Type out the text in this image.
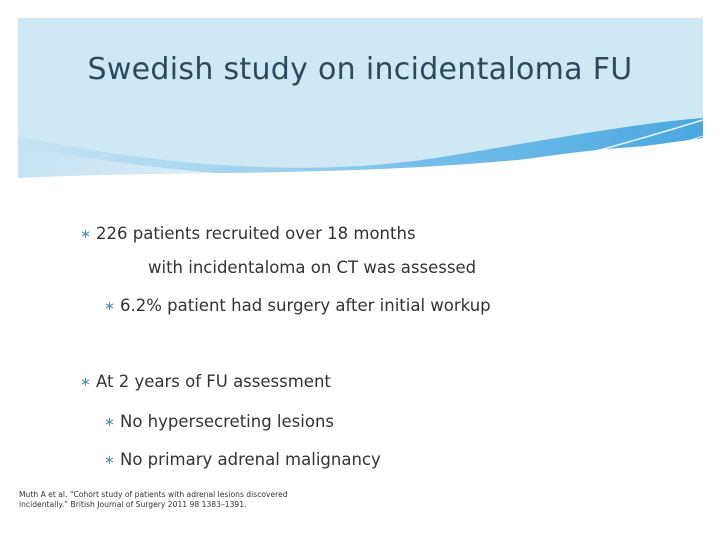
Swedish study on incidentaloma FU
∗ 226 patients recruited over 18 months
with incidentaloma on CT was assessed
∗ 6.2% patient had surgery after initial workup
∗ At 2 years of FU assessment
∗ No hypersecreting lesions
∗ No primary adrenal malignancy
Muth A et al. “Cohort study of patients with adrenal lesions discovered incidentally.” British Journal of Surgery 2011 98 1383–1391.
